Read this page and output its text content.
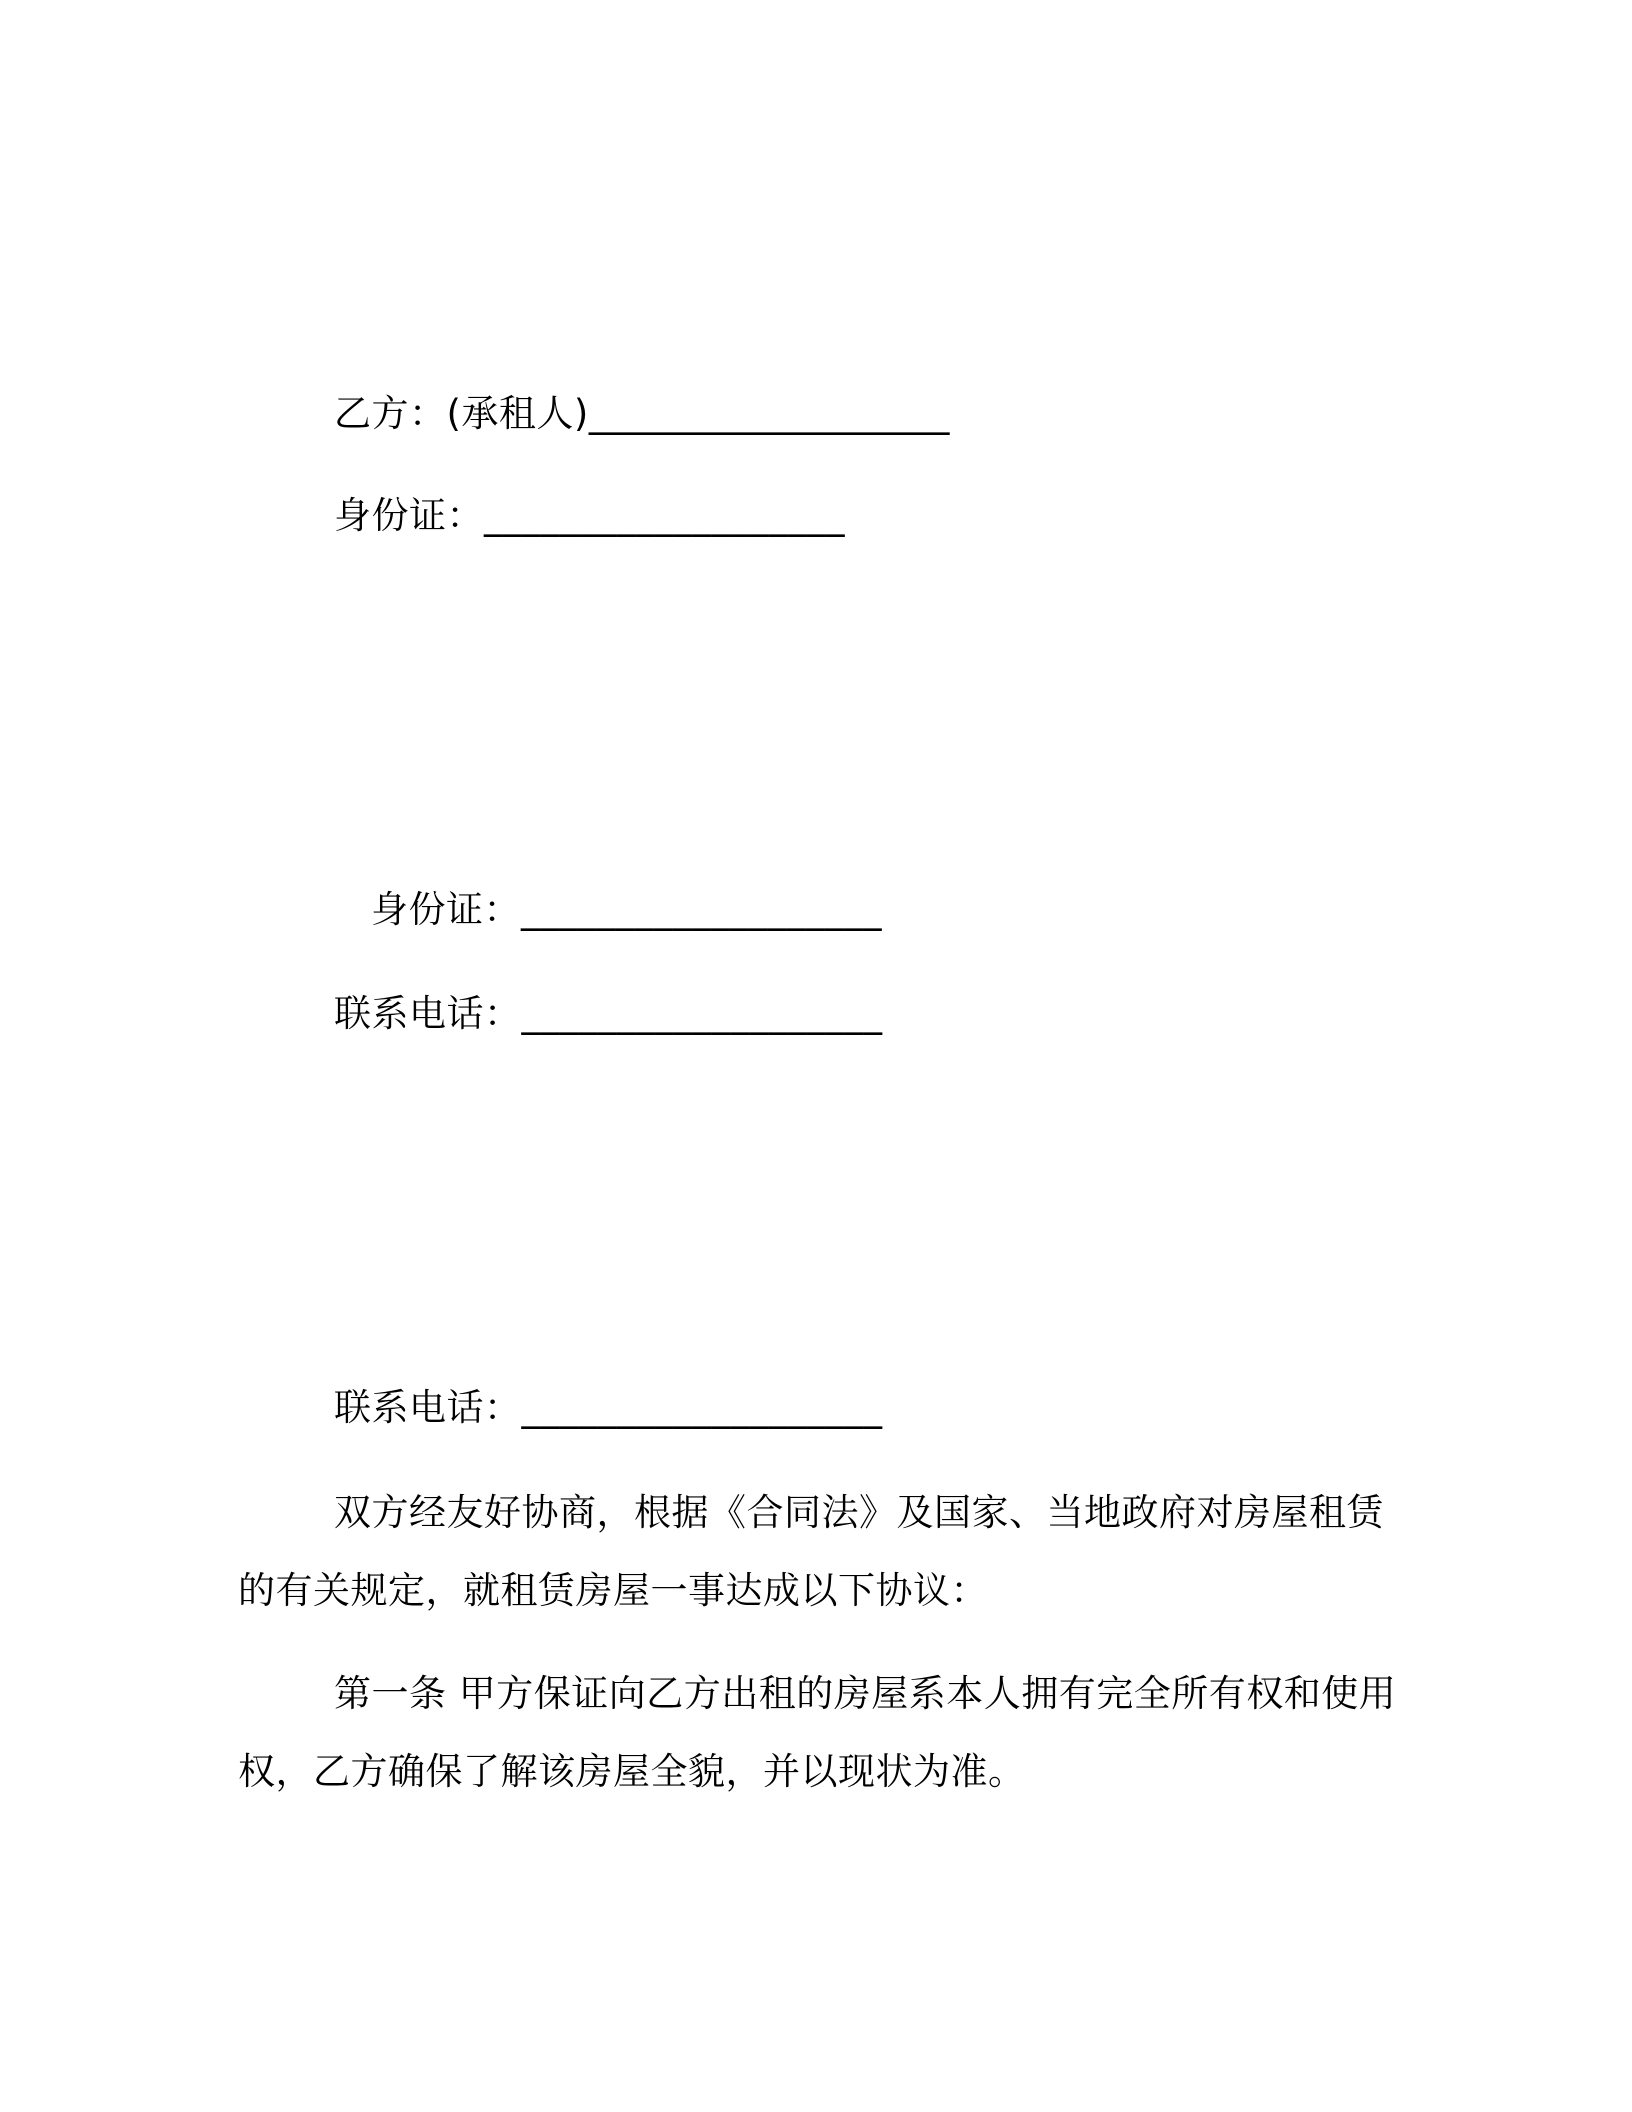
乙方：(承租人)___________________
身份证：___________________
身份证：___________________
联系电话：___________________
联系电话：___________________
双方经友好协商，根据《合同法》及国家、当地政府对房屋租赁
的有关规定，就租赁房屋一事达成以下协议：
第一条 甲方保证向乙方出租的房屋系本人拥有完全所有权和使用
权，乙方确保了解该房屋全貌，并以现状为准。
